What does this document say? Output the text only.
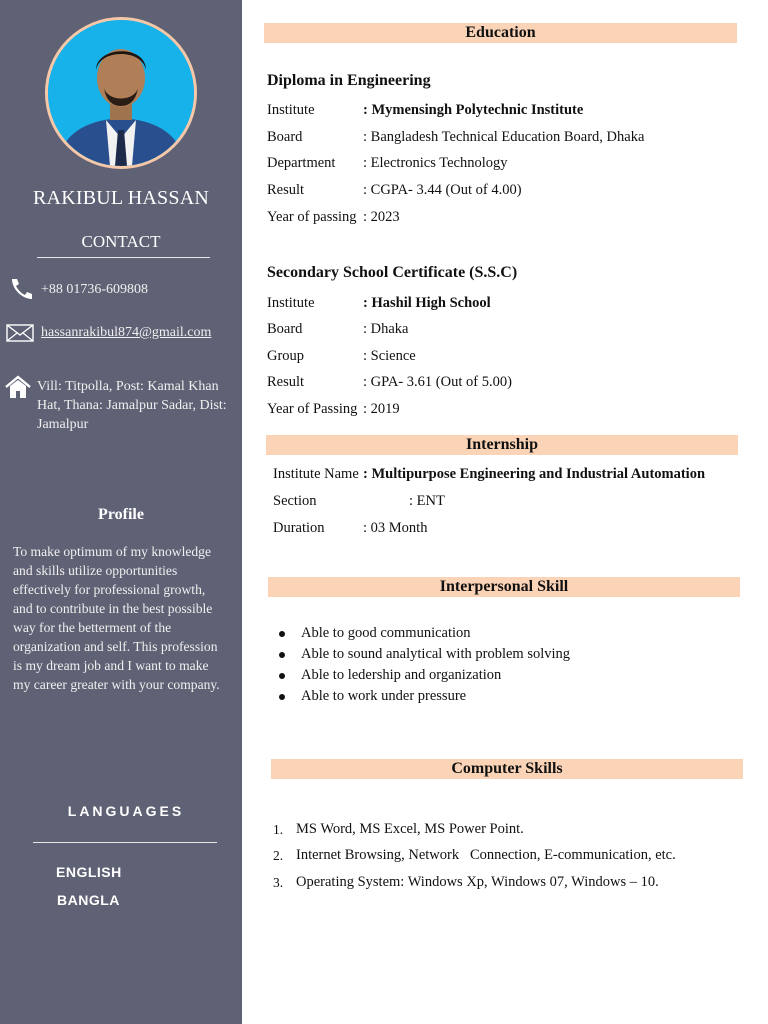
RAKIBUL HASSAN
CONTACT
+88 01736-609808
hassanrakibul874@gmail.com
Vill: Titpolla, Post: Kamal Khan Hat, Thana: Jamalpur Sadar, Dist: Jamalpur
Profile
To make optimum of my knowledge and skills utilize opportunities effectively for professional growth, and to contribute in the best possible way for the betterment of the organization and self. This profession is my dream job and I want to make my career greater with your company.
LANGUAGES
ENGLISH
BANGLA
Education
Diploma in Engineering
Institute	: Mymensingh Polytechnic Institute
Board	: Bangladesh Technical Education Board, Dhaka
Department : Electronics Technology
Result	: CGPA- 3.44 (Out of 4.00)
Year of passing : 2023
Secondary School Certificate (S.S.C)
Institute	: Hashil High School
Board	: Dhaka
Group	: Science
Result	: GPA- 3.61 (Out of 5.00)
Year of Passing : 2019
Internship
Institute Name : Multipurpose Engineering and Industrial Automation
Section	: ENT
Duration	: 03 Month
Interpersonal Skill
Able to good communication
Able to sound analytical with problem solving
Able to ledership and organization
Able to work under pressure
Computer Skills
1. MS Word, MS Excel, MS Power Point.
2. Internet Browsing, Network   Connection, E-communication, etc.
3. Operating System: Windows Xp, Windows 07, Windows – 10.
